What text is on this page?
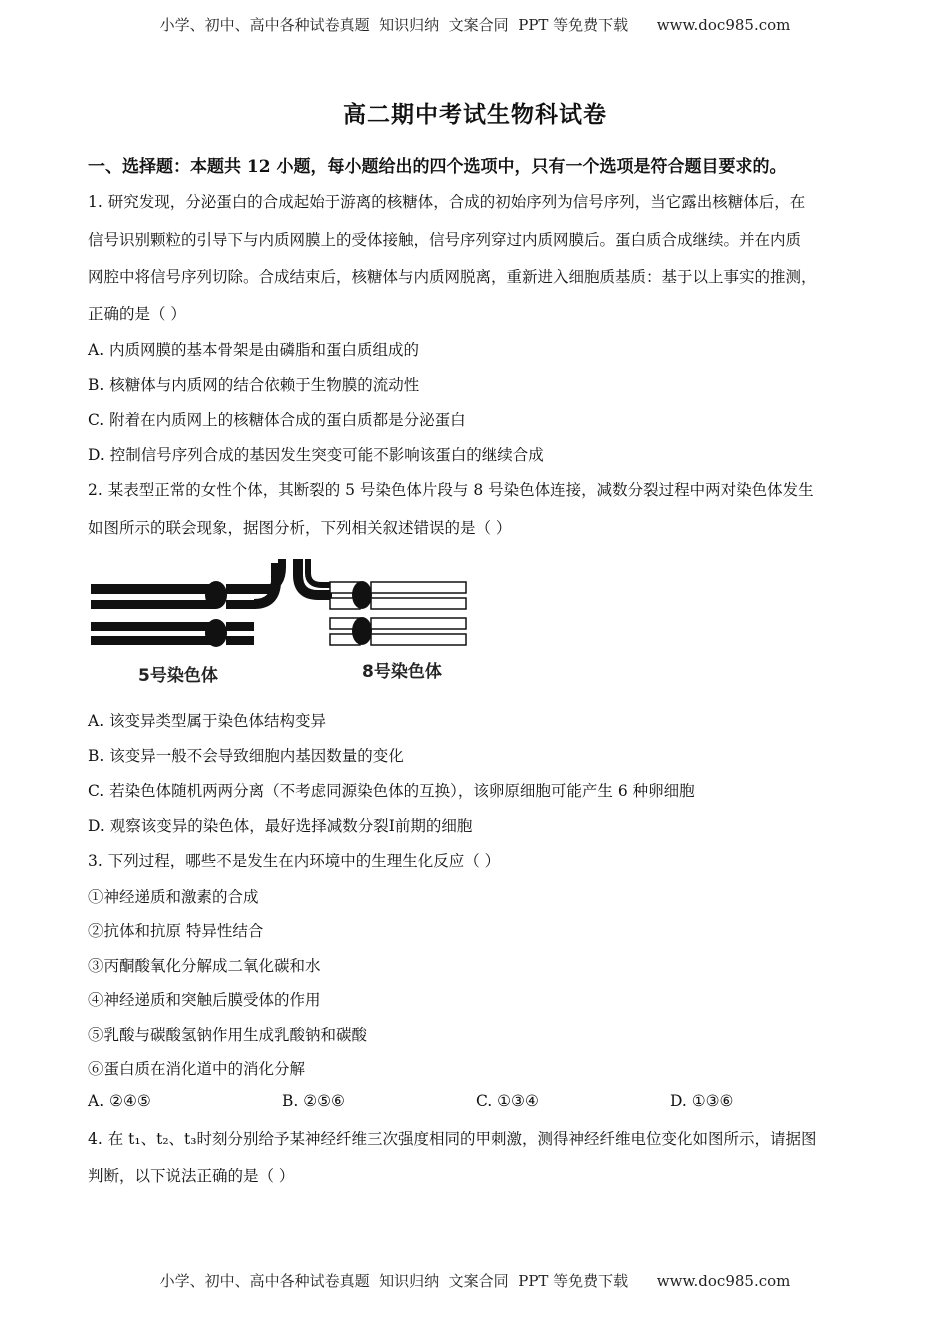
小学、初中、高中各种试卷真题  知识归纳  文案合同  PPT 等免费下载      www.doc985.com
高二期中考试生物科试卷
一、选择题：本题共 12 小题，每小题给出的四个选项中，只有一个选项是符合题目要求的。
1. 研究发现，分泌蛋白的合成起始于游离的核糖体，合成的初始序列为信号序列，当它露出核糖体后，在
信号识别颗粒的引导下与内质网膜上的受体接触，信号序列穿过内质网膜后。蛋白质合成继续。并在内质
网腔中将信号序列切除。合成结束后，核糖体与内质网脱离，重新进入细胞质基质：基于以上事实的推测，
正确的是（ ）
A. 内质网膜的基本骨架是由磷脂和蛋白质组成的
B. 核糖体与内质网的结合依赖于生物膜的流动性
C. 附着在内质网上的核糖体合成的蛋白质都是分泌蛋白
D. 控制信号序列合成的基因发生突变可能不影响该蛋白的继续合成
2. 某表型正常的女性个体，其断裂的 5 号染色体片段与 8 号染色体连接，减数分裂过程中两对染色体发生
如图所示的联会现象，据图分析，下列相关叙述错误的是（ ）
5号染色体	8号染色体
A. 该变异类型属于染色体结构变异
B. 该变异一般不会导致细胞内基因数量的变化
C. 若染色体随机两两分离（不考虑同源染色体的互换），该卵原细胞可能产生 6 种卵细胞
D. 观察该变异的染色体，最好选择减数分裂Ⅰ前期的细胞
3. 下列过程，哪些不是发生在内环境中的生理生化反应（ ）
①神经递质和激素的合成
②抗体和抗原 特异性结合
③丙酮酸氧化分解成二氧化碳和水
④神经递质和突触后膜受体的作用
⑤乳酸与碳酸氢钠作用生成乳酸钠和碳酸
⑥蛋白质在消化道中的消化分解
A. ②④⑤	B. ②⑤⑥	C. ①③④	D. ①③⑥
4. 在 t₁、t₂、t₃时刻分别给予某神经纤维三次强度相同的甲刺激，测得神经纤维电位变化如图所示，请据图
判断，以下说法正确的是（ ）
小学、初中、高中各种试卷真题  知识归纳  文案合同  PPT 等免费下载      www.doc985.com
